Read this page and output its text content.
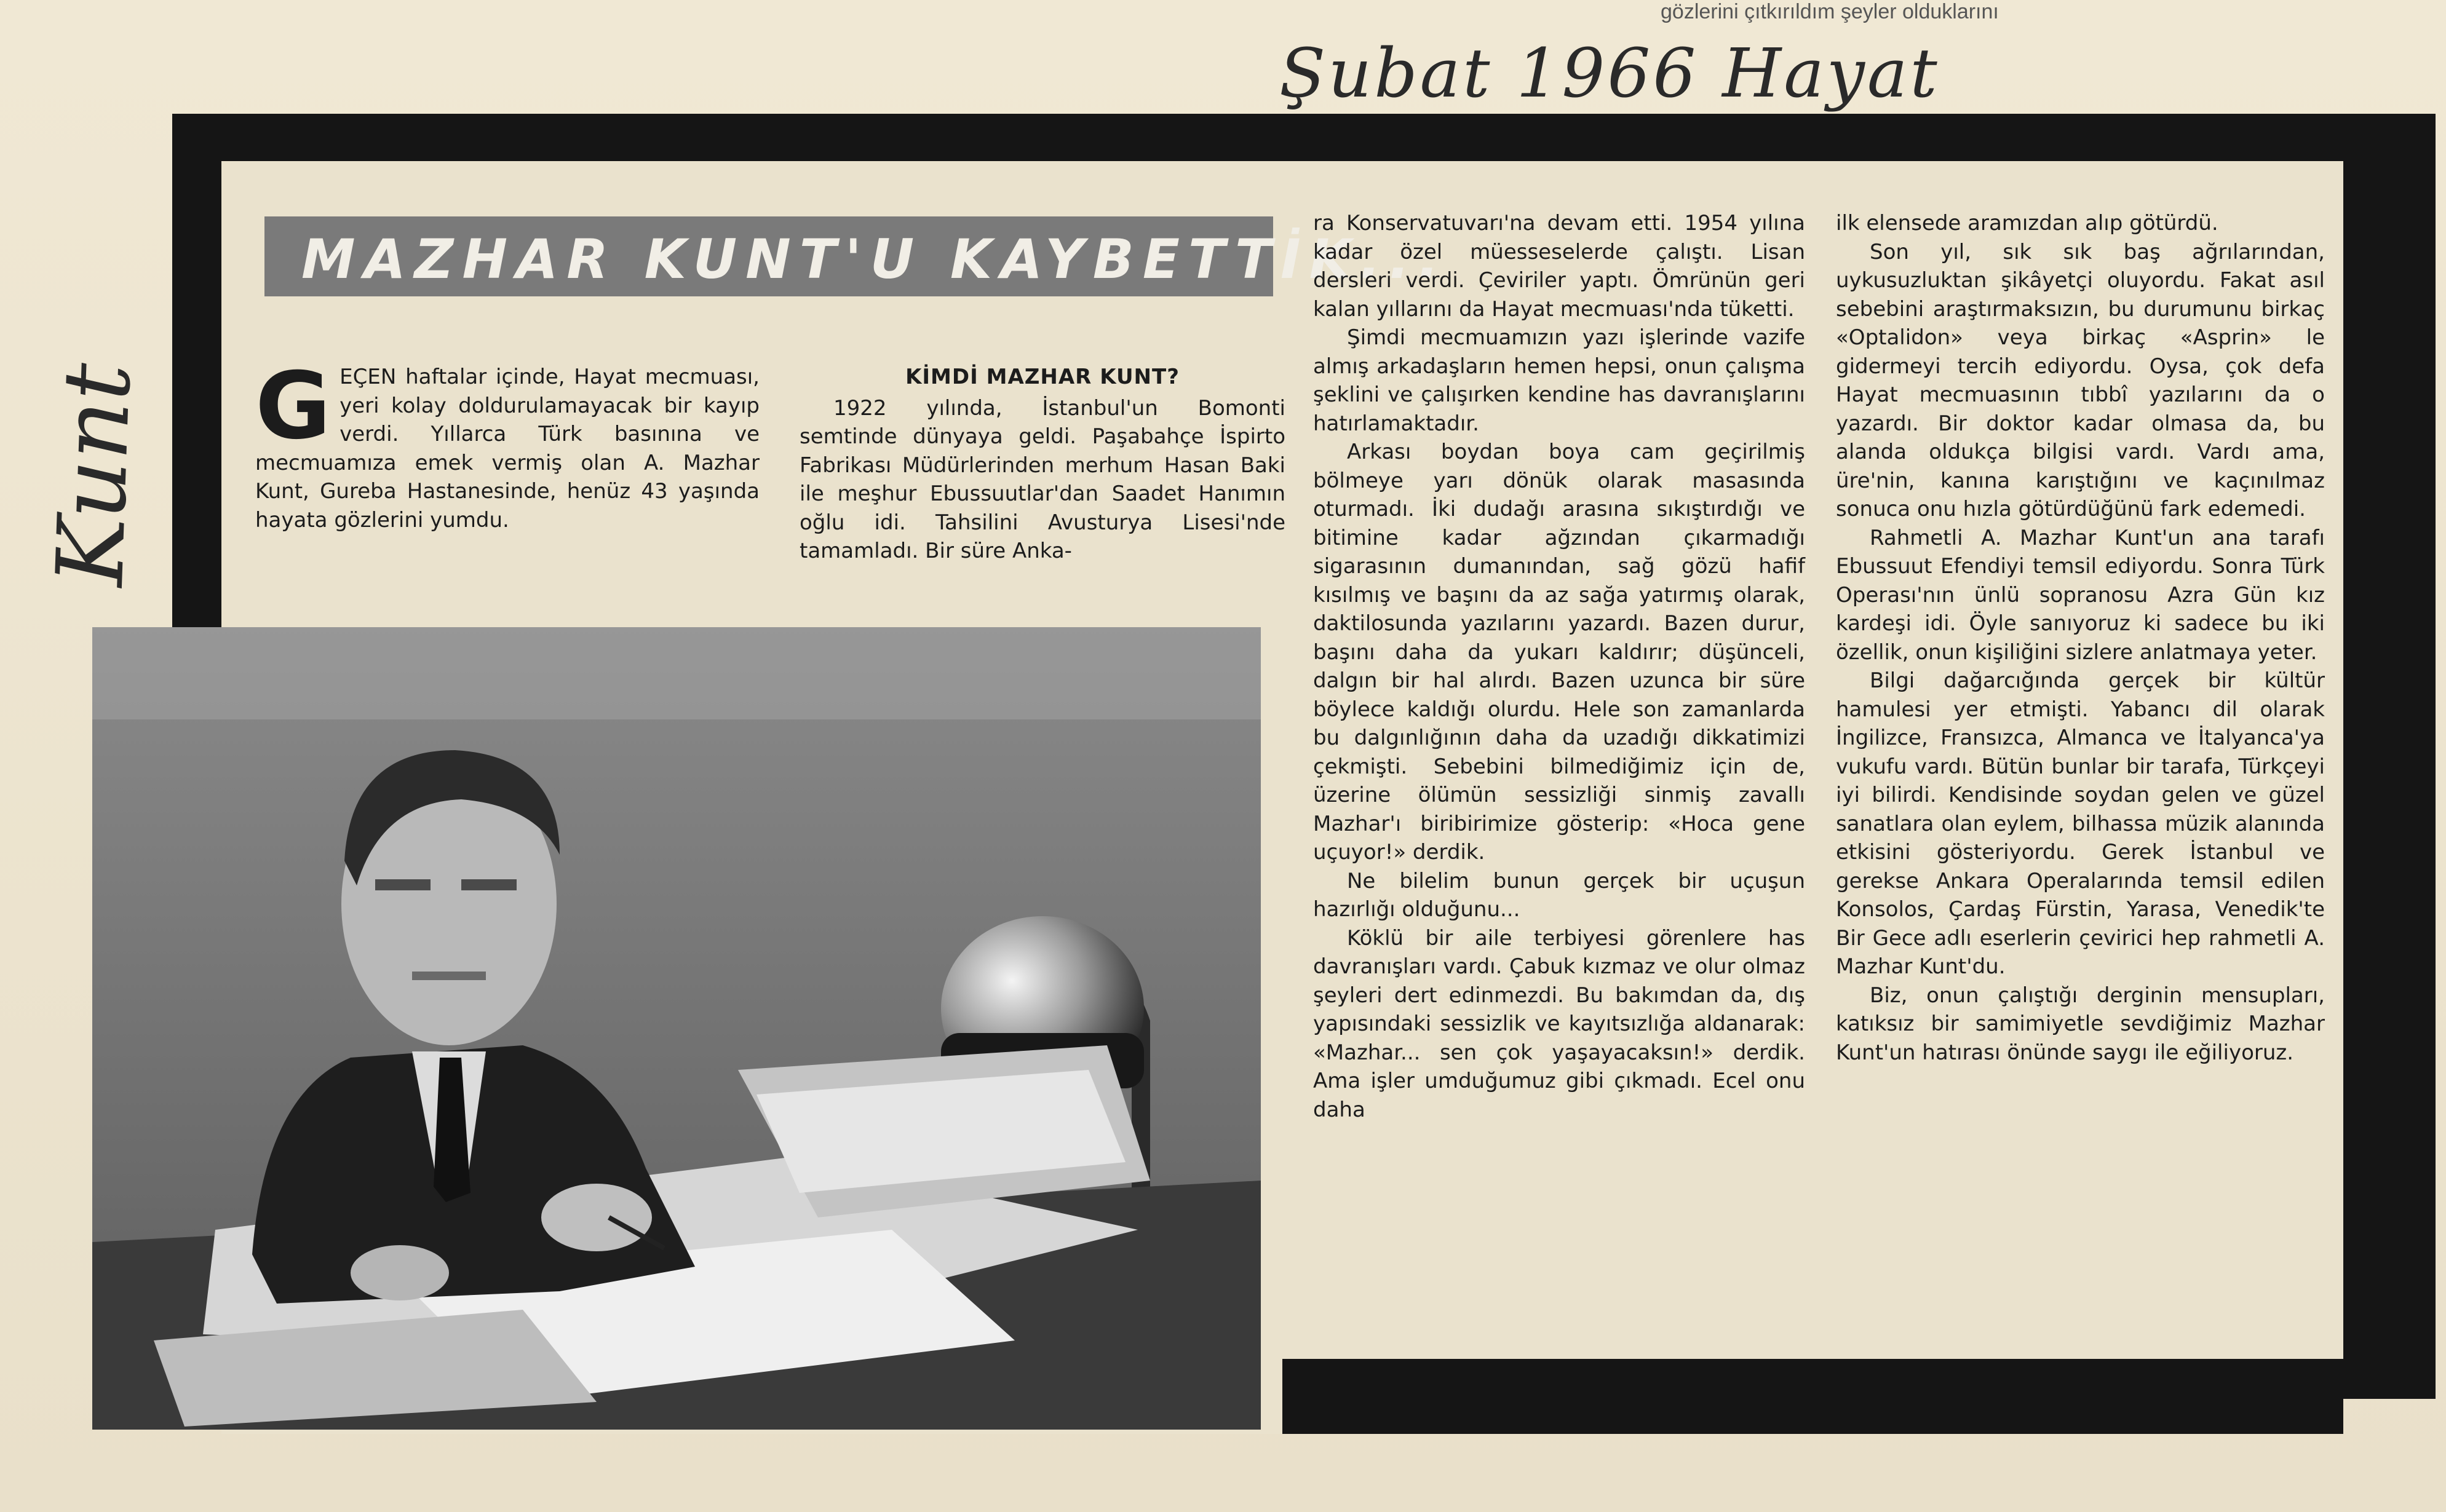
gözlerini çıtkırıldım şeyler olduklarını
Şubat 1966 Hayat
Kunt
MAZHAR KUNT'U KAYBETTİK...
G EÇEN haftalar içinde, Hayat mecmuası, yeri kolay doldurulamayacak bir kayıp verdi. Yıllarca Türk basınına ve mecmuamıza emek vermiş olan A. Mazhar Kunt, Gureba Hastanesinde, henüz 43 yaşında hayata gözlerini yumdu.
KİMDİ MAZHAR KUNT?

1922 yılında, İstanbul'un Bomonti semtinde dünyaya geldi. Paşabahçe İspirto Fabrikası Müdürlerinden merhum Hasan Baki ile meşhur Ebussuutlar'dan Saadet Hanımın oğlu idi. Tahsilini Avusturya Lisesi'nde tamamladı. Bir süre Anka-

ra Konservatuvarı'na devam etti. 1954 yılına kadar özel müesseselerde çalıştı. Lisan dersleri verdi. Çeviriler yaptı. Ömrünün geri kalan yıllarını da Hayat mecmuası'nda tüketti.

Şimdi mecmuamızın yazı işlerinde vazife almış arkadaşların hemen hepsi, onun çalışma şeklini ve çalışırken kendine has davranışlarını hatırlamaktadır.

Arkası boydan boya cam geçirilmiş bölmeye yarı dönük olarak masasında oturmadı. İki dudağı arasına sıkıştırdığı ve bitimine kadar ağzından çıkarmadığı sigarasının dumanından, sağ gözü hafif kısılmış ve başını da az sağa yatırmış olarak, daktilosunda yazılarını yazardı. Bazen durur, başını daha da yukarı kaldırır; düşünceli, dalgın bir hal alırdı. Bazen uzunca bir süre böylece kaldığı olurdu. Hele son zamanlarda bu dalgınlığının daha da uzadığı dikkatimizi çekmişti. Sebebini bilmediğimiz için de, üzerine ölümün sessizliği sinmiş zavallı Mazhar'ı biribirimize gösterip: «Hoca gene uçuyor!» derdik.

Ne bilelim bunun gerçek bir uçuşun hazırlığı olduğunu...

Köklü bir aile terbiyesi görenlere has davranışları vardı. Çabuk kızmaz ve olur olmaz şeyleri dert edinmezdi. Bu bakımdan da, dış yapısındaki sessizlik ve kayıtsızlığa aldanarak: «Mazhar... sen çok yaşayacaksın!» derdik. Ama işler umduğumuz gibi çıkmadı. Ecel onu daha

ilk elensede aramızdan alıp götürdü.

Son yıl, sık sık baş ağrılarından, uykusuzluktan şikâyetçi oluyordu. Fakat asıl sebebini araştırmaksızın, bu durumunu birkaç «Optalidon» veya birkaç «Asprin» le gidermeyi tercih ediyordu. Oysa, çok defa Hayat mecmuasının tıbbî yazılarını da o yazardı. Bir doktor kadar olmasa da, bu alanda oldukça bilgisi vardı. Vardı ama, üre'nin, kanına karıştığını ve kaçınılmaz sonuca onu hızla götürdüğünü fark edemedi.

Rahmetli A. Mazhar Kunt'un ana tarafı Ebussuut Efendiyi temsil ediyordu. Sonra Türk Operası'nın ünlü sopranosu Azra Gün kız kardeşi idi. Öyle sanıyoruz ki sadece bu iki özellik, onun kişiliğini sizlere anlatmaya yeter.

Bilgi dağarcığında gerçek bir kültür hamulesi yer etmişti. Yabancı dil olarak İngilizce, Fransızca, Almanca ve İtalyanca'ya vukufu vardı. Bütün bunlar bir tarafa, Türkçeyi iyi bilirdi. Kendisinde soydan gelen ve güzel sanatlara olan eylem, bilhassa müzik alanında etkisini gösteriyordu. Gerek İstanbul ve gerekse Ankara Operalarında temsil edilen Konsolos, Çardaş Fürstin, Yarasa, Venedik'te Bir Gece adlı eserlerin çevirici hep rahmetli A. Mazhar Kunt'du.

Biz, onun çalıştığı derginin mensupları, katıksız bir samimiyetle sevdiğimiz Mazhar Kunt'un hatırası önünde saygı ile eğiliyoruz.
